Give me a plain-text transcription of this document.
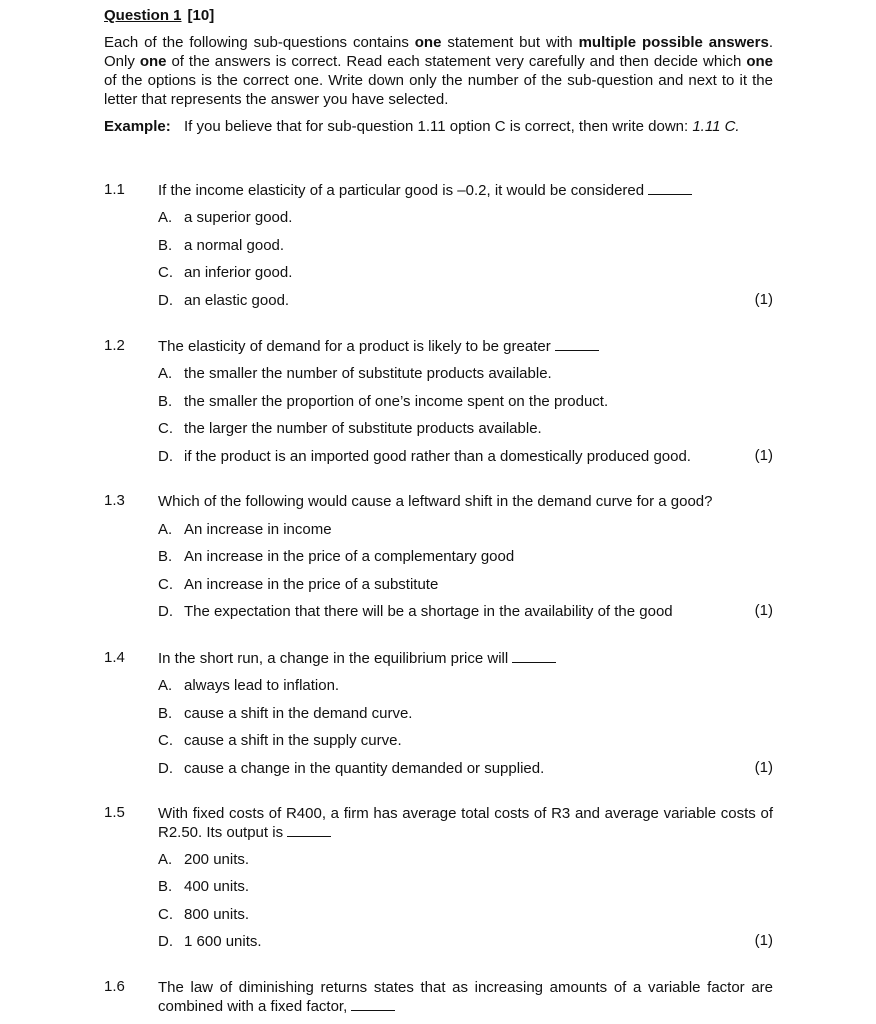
Question 1 [10]

Each of the following sub-questions contains one statement but with multiple possible answers. Only one of the answers is correct. Read each statement very carefully and then decide which one of the options is the correct one. Write down only the number of the sub-question and next to it the letter that represents the answer you have selected.

Example: If you believe that for sub-question 1.11 option C is correct, then write down: 1.11 C.
1.1 If the income elasticity of a particular good is –0.2, it would be considered
A. a superior good.
B. a normal good.
C. an inferior good.
D. an elastic good.	(1)
1.2 The elasticity of demand for a product is likely to be greater
A. the smaller the number of substitute products available.
B. the smaller the proportion of one’s income spent on the product.
C. the larger the number of substitute products available.
D. if the product is an imported good rather than a domestically produced good.	(1)
1.3 Which of the following would cause a leftward shift in the demand curve for a good?
A. An increase in income
B. An increase in the price of a complementary good
C. An increase in the price of a substitute
D. The expectation that there will be a shortage in the availability of the good	(1)
1.4 In the short run, a change in the equilibrium price will
A. always lead to inflation.
B. cause a shift in the demand curve.
C. cause a shift in the supply curve.
D. cause a change in the quantity demanded or supplied.	(1)
1.5 With fixed costs of R400, a firm has average total costs of R3 and average variable costs of R2.50. Its output is
A. 200 units.
B. 400 units.
C. 800 units.
D. 1 600 units.	(1)
1.6 The law of diminishing returns states that as increasing amounts of a variable factor are combined with a fixed factor,
